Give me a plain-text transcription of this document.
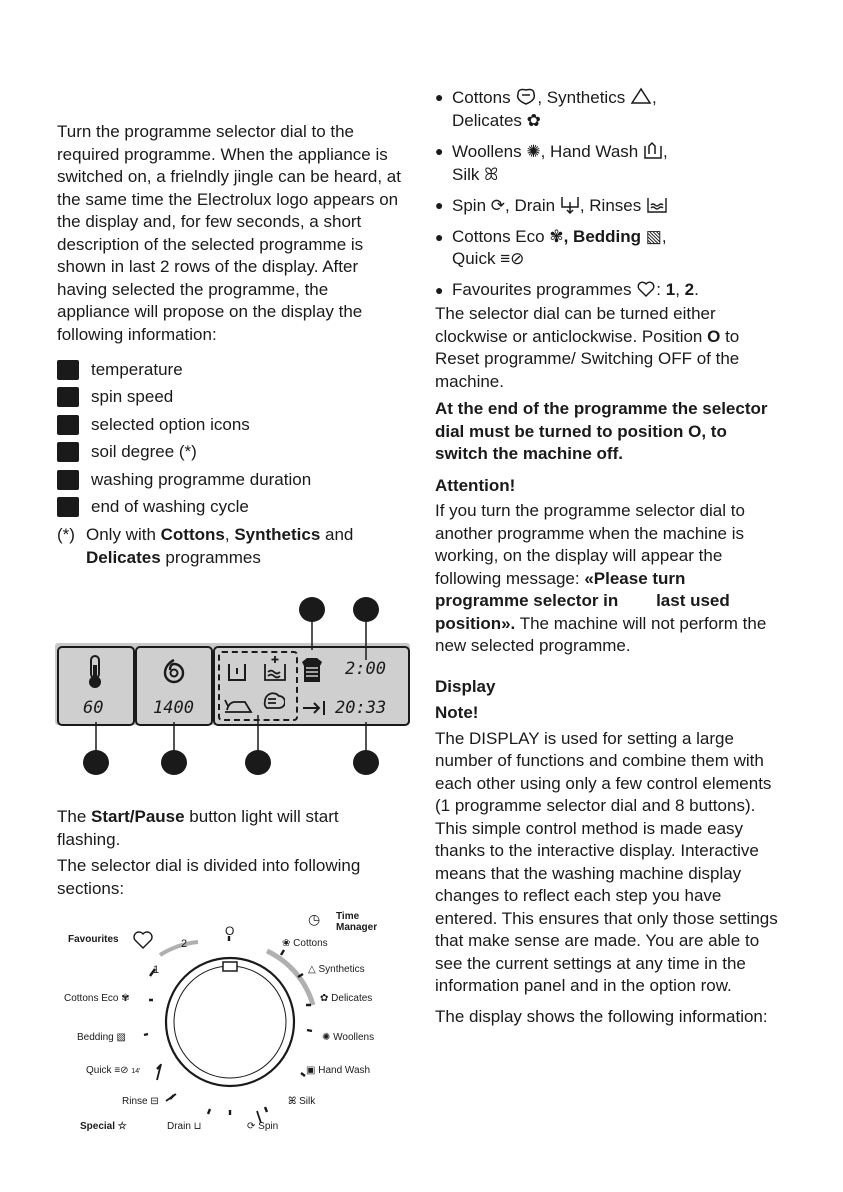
Turn the programme selector dial to the required programme. When the appliance is switched on, a frielndly jingle can be heard, at the same time the Electrolux logo appears on the display and, for few seconds, a short description of the selected programme is shown in last 2 rows of the display. After having selected the programme, the appliance will propose on the display the following information:

temperature
spin speed
selected option icons
soil degree (*)
washing programme duration
end of washing cycle
(*) Only with Cottons, Synthetics and
Delicates programmes
60	1400
2:00
20:33

The Start/Pause button light will start flashing.

The selector dial is divided into following sections:

Favourites	2
O
1
◷ Time
Manager
❀ Cottons
△ Synthetics
✿ Delicates
✺ Woollens
▣ Hand Wash
ꕤ Silk
⟳ Spin
Drain ⊔
Special ☆
Rinse ⊟
Quick ≡⊘ 14'
Bedding ▧
Cottons Eco ✾
● Cottons , Synthetics ,
Delicates ✿
● Woollens ✺, Hand Wash ,
Silk ꕤ
● Spin ⟳, Drain , Rinses
● Cottons Eco ✾, Bedding ▧,
Quick ≡⊘
● Favourites programmes : 1, 2.

The selector dial can be turned either clockwise or anticlockwise. Position O to Reset programme/ Switching OFF of the machine.

At the end of the programme the selector dial must be turned to position O, to switch the machine off.

Attention!

If you turn the programme selector dial to another programme when the machine is working, on the display will appear the following message: «Please turn programme selector in        last used position». The machine will not perform the new selected programme.

Display
Note!

The DISPLAY is used for setting a large number of functions and combine them with each other using only a few control elements (1 programme selector dial and 8 buttons). This simple control method is made easy thanks to the interactive display. Interactive means that the washing machine display changes to reflect each step you have entered. This ensures that only those settings that make sense are made. You are able to see the current settings at any time in the information panel and in the option row.

The display shows the following information:
